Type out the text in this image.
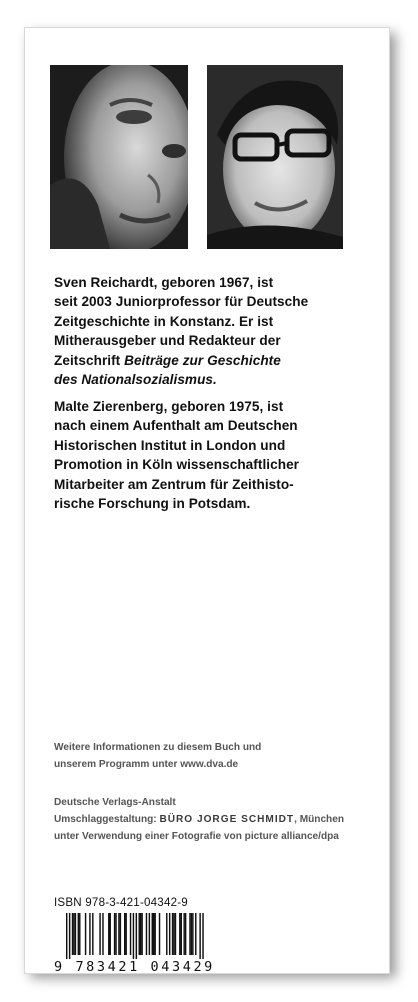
Sven Reichardt, geboren 1967, ist
seit 2003 Juniorprofessor für Deutsche
Zeitgeschichte in Konstanz. Er ist
Mitherausgeber und Redakteur der
Zeitschrift Beiträge zur Geschichte
des Nationalsozialismus.
Malte Zierenberg, geboren 1975, ist
nach einem Aufenthalt am Deutschen
Historischen Institut in London und
Promotion in Köln wissenschaftlicher
Mitarbeiter am Zentrum für Zeithisto-
rische Forschung in Potsdam.
Weitere Informationen zu diesem Buch und
unserem Programm unter www.dva.de
Deutsche Verlags-Anstalt
Umschlaggestaltung: BÜRO JORGE SCHMIDT, München
unter Verwendung einer Fotografie von picture alliance/dpa
ISBN 978-3-421-04342-9
9 783421 043429
